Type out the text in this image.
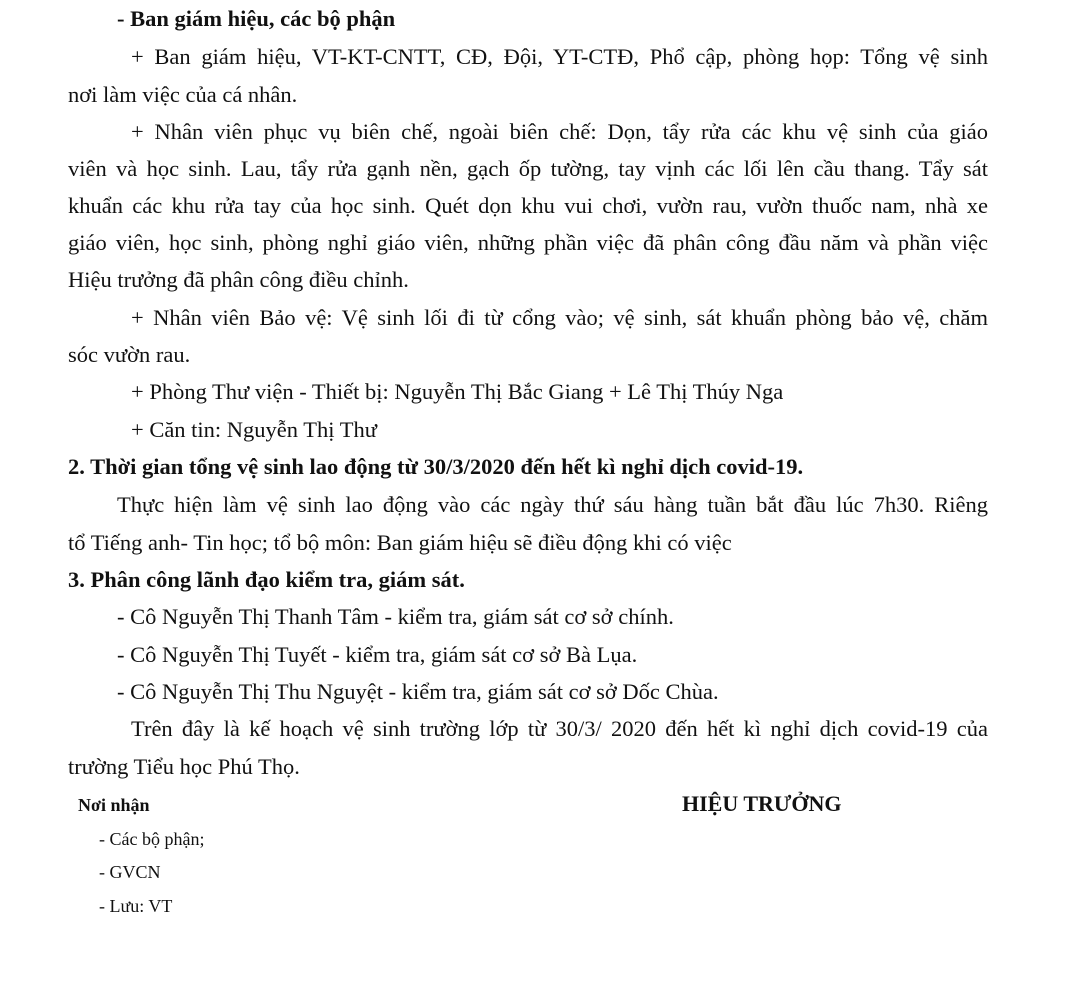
- Ban giám hiệu, các bộ phận
+ Ban giám hiệu, VT-KT-CNTT, CĐ, Đội, YT-CTĐ, Phổ cập, phòng họp: Tổng vệ sinh
nơi làm việc của cá nhân.
+ Nhân viên phục vụ biên chế, ngoài biên chế: Dọn, tẩy rửa các khu vệ sinh của giáo
viên và học sinh. Lau, tẩy rửa gạnh nền, gạch ốp tường, tay vịnh các lối lên cầu thang. Tẩy sát
khuẩn các khu rửa tay của học sinh. Quét dọn khu vui chơi, vườn rau, vườn thuốc nam, nhà xe
giáo viên, học sinh, phòng nghỉ giáo viên, những phần việc đã phân công đầu năm và phần việc
Hiệu trưởng đã phân công điều chỉnh.
+ Nhân viên Bảo vệ: Vệ sinh lối đi từ cổng vào; vệ sinh, sát khuẩn phòng bảo vệ, chăm
sóc vườn rau.
+ Phòng Thư viện - Thiết bị: Nguyễn Thị Bắc Giang + Lê Thị Thúy Nga
+ Căn tin: Nguyễn Thị Thư
2. Thời gian tổng vệ sinh lao động từ 30/3/2020 đến hết kì nghỉ dịch covid-19.
Thực hiện làm vệ sinh lao động vào các ngày thứ sáu hàng tuần bắt đầu lúc 7h30. Riêng
tổ Tiếng anh- Tin học; tổ bộ môn: Ban giám hiệu sẽ điều động khi có việc
3. Phân công lãnh đạo kiểm tra, giám sát.
- Cô Nguyễn Thị Thanh Tâm - kiểm tra, giám sát cơ sở chính.
- Cô Nguyễn Thị Tuyết - kiểm tra, giám sát cơ sở Bà Lụa.
- Cô Nguyễn Thị Thu Nguyệt - kiểm tra, giám sát cơ sở Dốc Chùa.
Trên đây là kế hoạch vệ sinh trường lớp từ 30/3/ 2020 đến hết kì nghỉ dịch covid-19 của
trường Tiểu học Phú Thọ.
Nơi nhận
- Các bộ phận;
- GVCN
- Lưu: VT
HIỆU TRƯỞNG
